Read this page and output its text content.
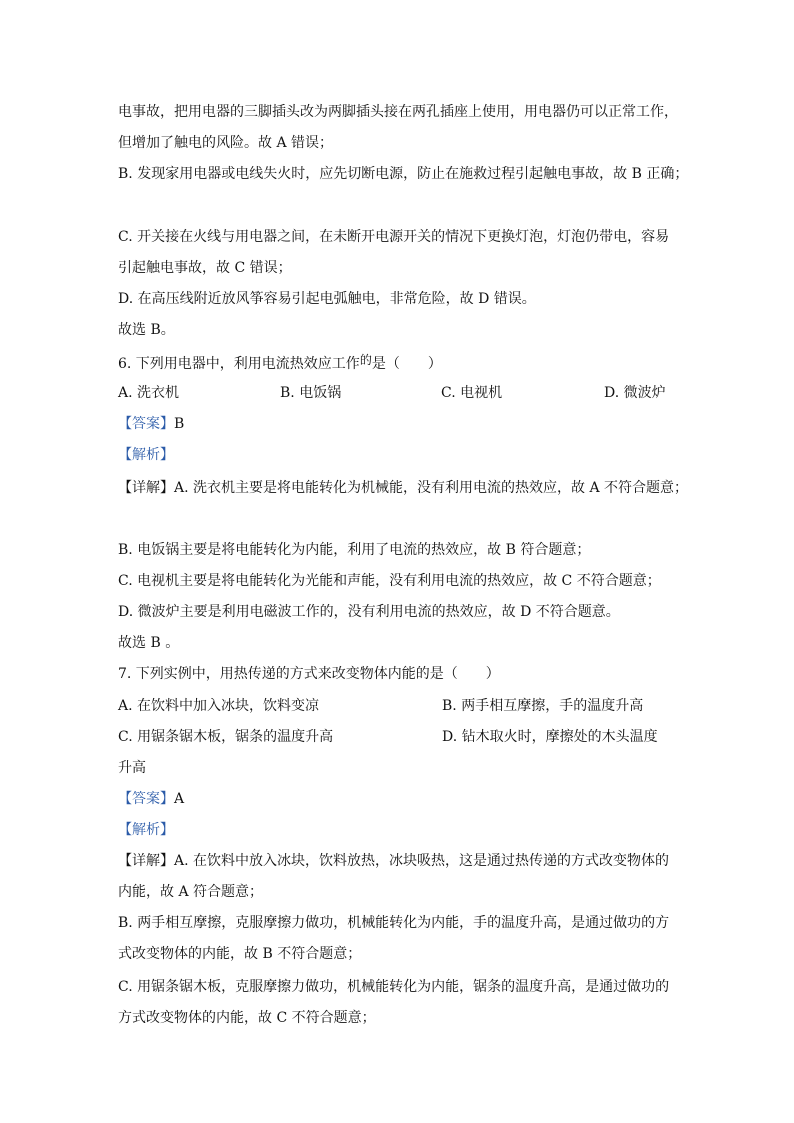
电事故，把用电器的三脚插头改为两脚插头接在两孔插座上使用，用电器仍可以正常工作，
但增加了触电的风险。故 A 错误；
B. 发现家用电器或电线失火时，应先切断电源，防止在施救过程引起触电事故，故 B 正确；
C. 开关接在火线与用电器之间，在未断开电源开关的情况下更换灯泡，灯泡仍带电，容易
引起触电事故，故 C 错误；
D. 在高压线附近放风筝容易引起电弧触电，非常危险，故 D 错误。
故选 B。
6. 下列用电器中，利用电流热效应工作的是（　　）
A. 洗衣机	B. 电饭锅	C. 电视机	D. 微波炉
【答案】B
【解析】
【详解】A. 洗衣机主要是将电能转化为机械能，没有利用电流的热效应，故 A 不符合题意；
B. 电饭锅主要是将电能转化为内能，利用了电流的热效应，故 B 符合题意；
C. 电视机主要是将电能转化为光能和声能，没有利用电流的热效应，故 C 不符合题意；
D. 微波炉主要是利用电磁波工作的，没有利用电流的热效应，故 D 不符合题意。
故选 B 。
7. 下列实例中，用热传递的方式来改变物体内能的是（　　）
A. 在饮料中加入冰块，饮料变凉	B. 两手相互摩擦，手的温度升高
C. 用锯条锯木板，锯条的温度升高	D. 钻木取火时，摩擦处的木头温度
升高
【答案】A
【解析】
【详解】A. 在饮料中放入冰块，饮料放热，冰块吸热，这是通过热传递的方式改变物体的
内能，故 A 符合题意；
B. 两手相互摩擦，克服摩擦力做功，机械能转化为内能，手的温度升高，是通过做功的方
式改变物体的内能，故 B 不符合题意；
C. 用锯条锯木板，克服摩擦力做功，机械能转化为内能，锯条的温度升高，是通过做功的
方式改变物体的内能，故 C 不符合题意；
